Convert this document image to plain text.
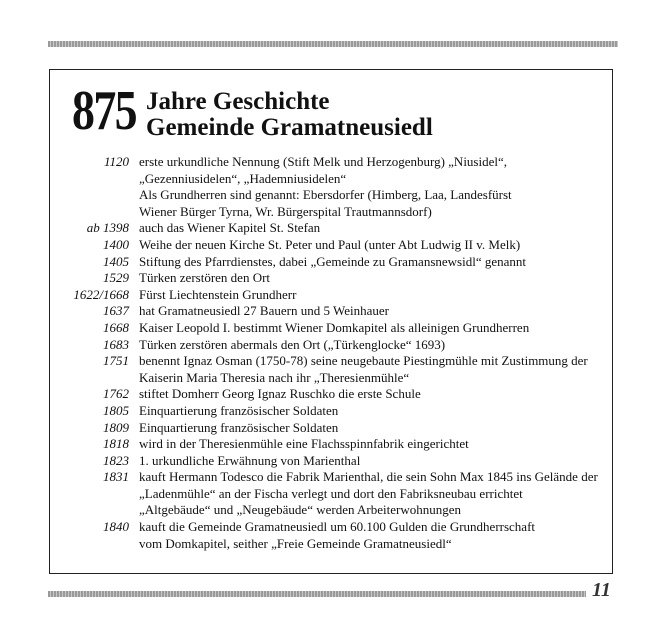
875 Jahre Geschichte
Gemeinde Gramatneusiedl
1120 erste urkundliche Nennung (Stift Melk und Herzogenburg) „Niusidel“,
„Gezenniusidelen“, „Hademniusidelen“
Als Grundherren sind genannt: Ebersdorfer (Himberg, Laa, Landesfürst
Wiener Bürger Tyrna, Wr. Bürgerspital Trautmannsdorf)
ab 1398 auch das Wiener Kapitel St. Stefan
1400 Weihe der neuen Kirche St. Peter und Paul (unter Abt Ludwig II v. Melk)
1405 Stiftung des Pfarrdienstes, dabei „Gemeinde zu Gramansnewsidl“ genannt
1529 Türken zerstören den Ort
1622/1668 Fürst Liechtenstein Grundherr
1637 hat Gramatneusiedl 27 Bauern und 5 Weinhauer
1668 Kaiser Leopold I. bestimmt Wiener Domkapitel als alleinigen Grundherren
1683 Türken zerstören abermals den Ort („Türkenglocke“ 1693)
1751 benennt Ignaz Osman (1750-78) seine neugebaute Piestingmühle mit Zustimmung der
Kaiserin Maria Theresia nach ihr „Theresienmühle“
1762 stiftet Domherr Georg Ignaz Ruschko die erste Schule
1805 Einquartierung französischer Soldaten
1809 Einquartierung französischer Soldaten
1818 wird in der Theresienmühle eine Flachsspinnfabrik eingerichtet
1823 1. urkundliche Erwähnung von Marienthal
1831 kauft Hermann Todesco die Fabrik Marienthal, die sein Sohn Max 1845 ins Gelände der
„Ladenmühle“ an der Fischa verlegt und dort den Fabriksneubau errichtet
„Altgebäude“ und „Neugebäude“ werden Arbeiterwohnungen
1840 kauft die Gemeinde Gramatneusiedl um 60.100 Gulden die Grundherrschaft
vom Domkapitel, seither „Freie Gemeinde Gramatneusiedl“
11
